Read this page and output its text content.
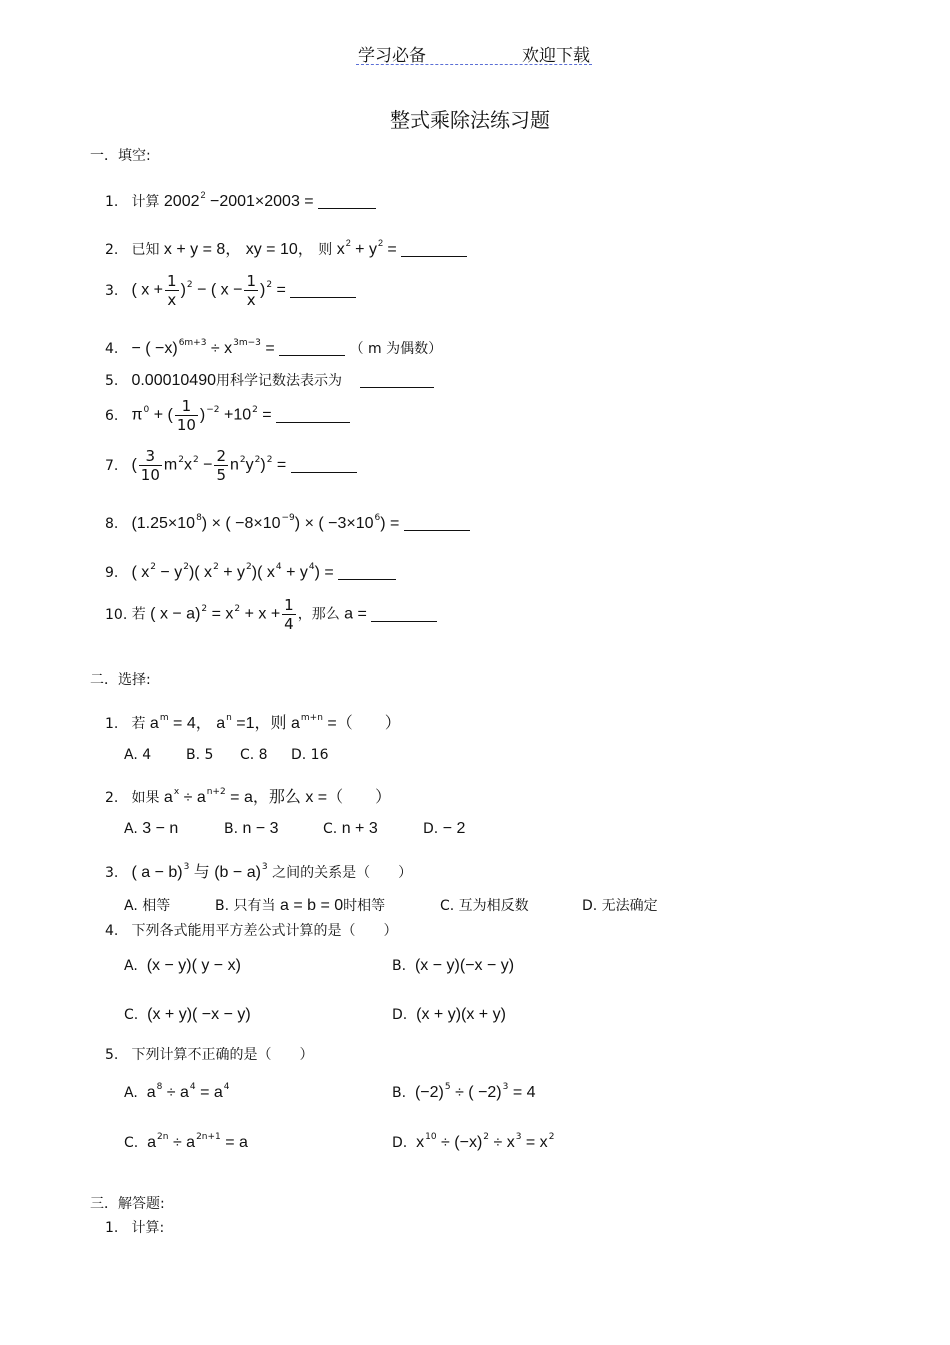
学习必备	欢迎下载
整式乘除法练习题
一．填空:
1. 计算 $2002^2 -2001\times 2003$ =
2. 已知 x + y = 8， xy = 10， 则 $x^2 + y^2$ =
3. ( $x + \frac{1}{x} )^2$ − ( $x - \frac{1}{x} )^2$ =
4. − ( $-x)^{6m+3} \div x^{3m-3}$ =	（ m 为偶数）
5. 0.00010490用科学记数法表示为
6. $\pi^0$ + ( $\frac{1}{10} )^{-2} +10^2$ =
7. ( $\frac{3}{10} m^2x^2 - \frac{2}{5} n^2y^2)^2$ =
8. $(1.25\times 10^8)$ × ( $-8\times 10^{-9}$) × ( $-3\times 10^6$) =
9. ( $x^2 - y^2$)( $x^2 + y^2$)( $x^4 + y^4$) =
10. 若 ( $x - a)^2 = x^2 + x + \frac{1}{4}$ ，那么 a =
二．选择:
1. 若 $a^m = 4$， $a^n =1$，则 $a^{m+n}$ =（　　）
A. 4 B. 5 C. 8 D. 16
2. 如果 $a^x \div a^{n+2} = a$，那么 x =（　　）
A. 3 − n	B. n − 3	C. n + 3	D. − 2
3. ( a − b)$^3$ 与 $(b - a)^3$ 之间的关系是（　　）
A. 相等	B. 只有当 a = b = 0时相等	C. 互为相反数	D. 无法确定
4. 下列各式能用平方差公式计算的是（　　）
A. (x − y)( y − x)	B. (x − y)(−x − y)
C. (x + y)( −x − y)	D. (x + y)(x + y)
5. 下列计算不正确的是（　　）
A. $a^8 \div a^4 = a^4$	B. $(-2)^5$ ÷ ( −2)$^3$ = 4
C. $a^{2n} \div a^{2n+1} = a$	D. $x^{10} \div (-x)^2 \div x^3 = x^2$
三．解答题:
1. 计算:
